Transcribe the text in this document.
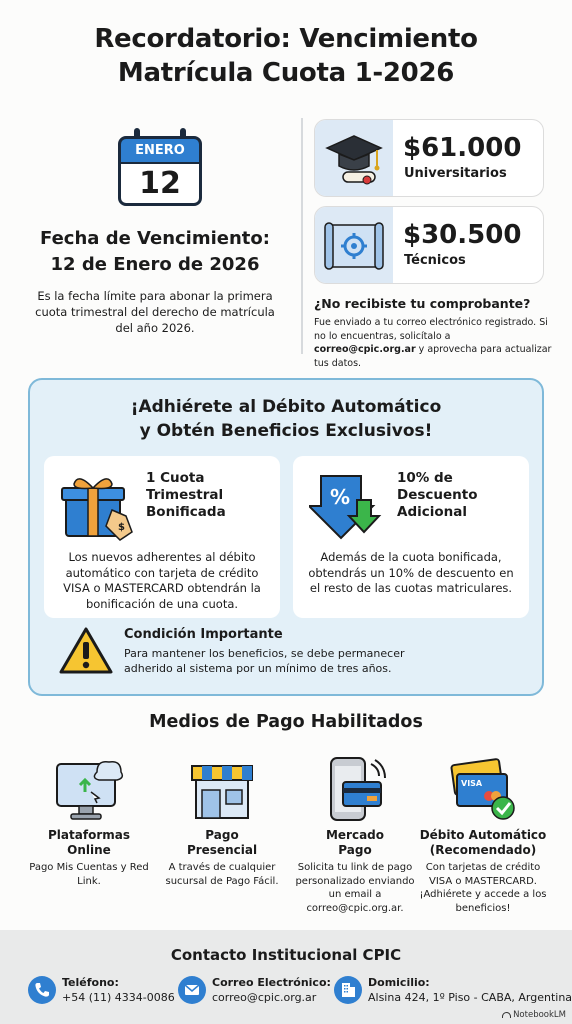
Recordatorio: Vencimiento
Matrícula Cuota 1-2026
ENERO
12
Fecha de Vencimiento:
12 de Enero de 2026
Es la fecha límite para abonar la primera cuota trimestral del derecho de matrícula del año 2026.
$61.000
Universitarios
$30.500
Técnicos
¿No recibiste tu comprobante?
Fue enviado a tu correo electrónico registrado. Si no lo encuentras, solicítalo a correo@cpic.org.ar y aprovecha para actualizar tus datos.
¡Adhiérete al Débito Automático
y Obtén Beneficios Exclusivos!
$
1 Cuota
Trimestral
Bonificada
Los nuevos adherentes al débito automático con tarjeta de crédito VISA o MASTERCARD obtendrán la bonificación de una cuota.
%
10% de
Descuento
Adicional
Además de la cuota bonificada, obtendrás un 10% de descuento en el resto de las cuotas matriculares.
Condición Importante
Para mantener los beneficios, se debe permanecer adherido al sistema por un mínimo de tres años.
Medios de Pago Habilitados
Plataformas
Online
Pago Mis Cuentas y Red Link.
Pago
Presencial
A través de cualquier sucursal de Pago Fácil.
Mercado
Pago
Solicita tu link de pago personalizado enviando un email a correo@cpic.org.ar.
VISA
Débito Automático
(Recomendado)
Con tarjetas de crédito VISA o MASTERCARD. ¡Adhiérete y accede a los beneficios!
Contacto Institucional CPIC
Teléfono:
+54 (11) 4334-0086
Correo Electrónico:
correo@cpic.org.ar
Domicilio:
Alsina 424, 1º Piso - CABA, Argentina
NotebookLM
